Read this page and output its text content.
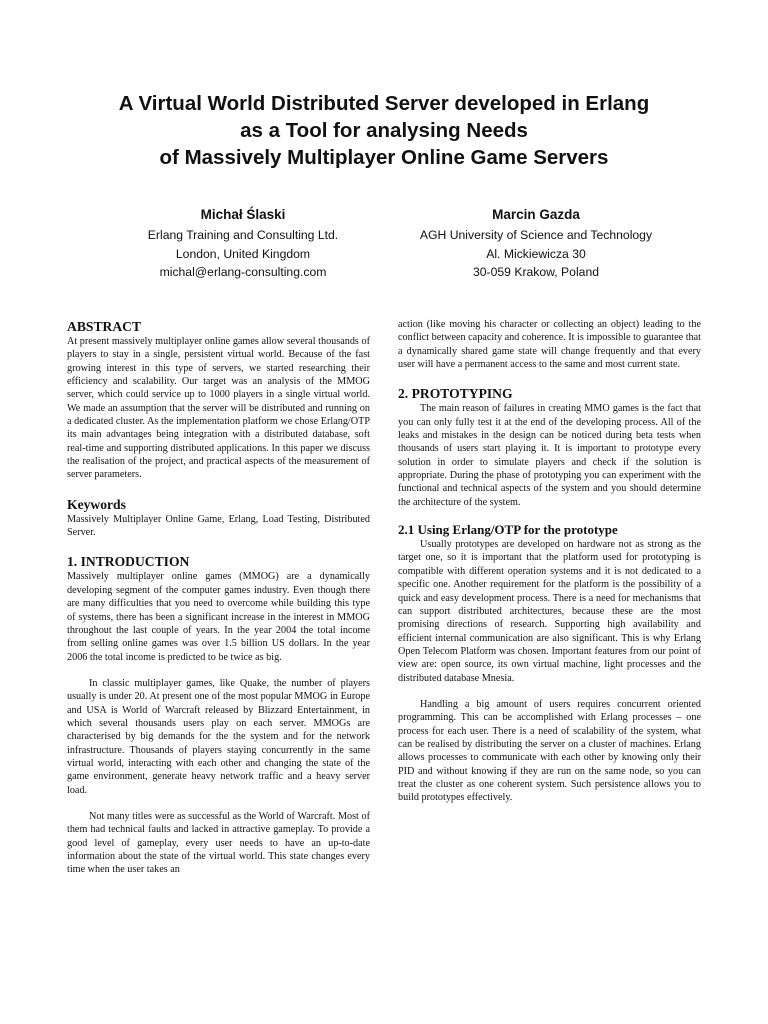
A Virtual World Distributed Server developed in Erlang
as a Tool for analysing Needs
of Massively Multiplayer Online Game Servers
Michał Ślaski
Erlang Training and Consulting Ltd.
London, United Kingdom
michal@erlang-consulting.com
Marcin Gazda
AGH University of Science and Technology
Al. Mickiewicza 30
30-059 Krakow, Poland
ABSTRACT

At present massively multiplayer online games allow several thousands of players to stay in a single, persistent virtual world. Because of the fast growing interest in this type of servers, we started researching their efficiency and scalability. Our target was an analysis of the MMOG server, which could service up to 1000 players in a single virtual world. We made an assumption that the server will be distributed and running on a dedicated cluster. As the implementation platform we chose Erlang/OTP its main advantages being integration with a distributed database, soft real-time and supporting distributed applications. In this paper we discuss the realisation of the project, and practical aspects of the measurement of server parameters.

Keywords

Massively Multiplayer Online Game, Erlang, Load Testing, Distributed Server.

1. INTRODUCTION

Massively multiplayer online games (MMOG) are a dynamically developing segment of the computer games industry. Even though there are many difficulties that you need to overcome while building this type of systems, there has been a significant increase in the interest in MMOG throughout the last couple of years. In the year 2004 the total income from selling online games was over 1.5 billion US dollars. In the year 2006 the total income is predicted to be twice as big.

In classic multiplayer games, like Quake, the number of players usually is under 20. At present one of the most popular MMOG in Europe and USA is World of Warcraft released by Blizzard Entertainment, in which several thousands users play on each server. MMOGs are characterised by big demands for the the system and for the network infrastructure. Thousands of players staying concurrently in the same virtual world, interacting with each other and changing the state of the game environment, generate heavy network traffic and a heavy server load.

Not many titles were as successful as the World of Warcraft. Most of them had technical faults and lacked in attractive gameplay. To provide a good level of gameplay, every user needs to have an up-to-date information about the state of the virtual world. This state changes every time when the user takes an

action (like moving his character or collecting an object) leading to the conflict between capacity and coherence. It is impossible to guarantee that a dynamically shared game state will change frequently and that every user will have a permanent access to the same and most current state.

2. PROTOTYPING

The main reason of failures in creating MMO games is the fact that you can only fully test it at the end of the developing process. All of the leaks and mistakes in the design can be noticed during beta tests when thousands of users start playing it. It is important to prototype every solution in order to simulate players and check if the solution is appropriate. During the phase of prototyping you can experiment with the functional and technical aspects of the system and you should determine the architecture of the system.

2.1 Using Erlang/OTP for the prototype

Usually prototypes are developed on hardware not as strong as the target one, so it is important that the platform used for prototyping is compatible with different operation systems and it is not dedicated to a specific one. Another requirement for the platform is the possibility of a quick and easy development process. There is a need for mechanisms that can support distributed architectures, because these are the most promising directions of research. Supporting high availability and efficient internal communication are also significant. This is why Erlang Open Telecom Platform was chosen. Important features from our point of view are: open source, its own virtual machine, light processes and the distributed database Mnesia.

Handling a big amount of users requires concurrent oriented programming. This can be accomplished with Erlang processes – one process for each user. There is a need of scalability of the system, what can be realised by distributing the server on a cluster of machines. Erlang allows processes to communicate with each other by knowing only their PID and without knowing if they are run on the same node, so you can treat the cluster as one coherent system. Such persistence allows you to build prototypes effectively.
